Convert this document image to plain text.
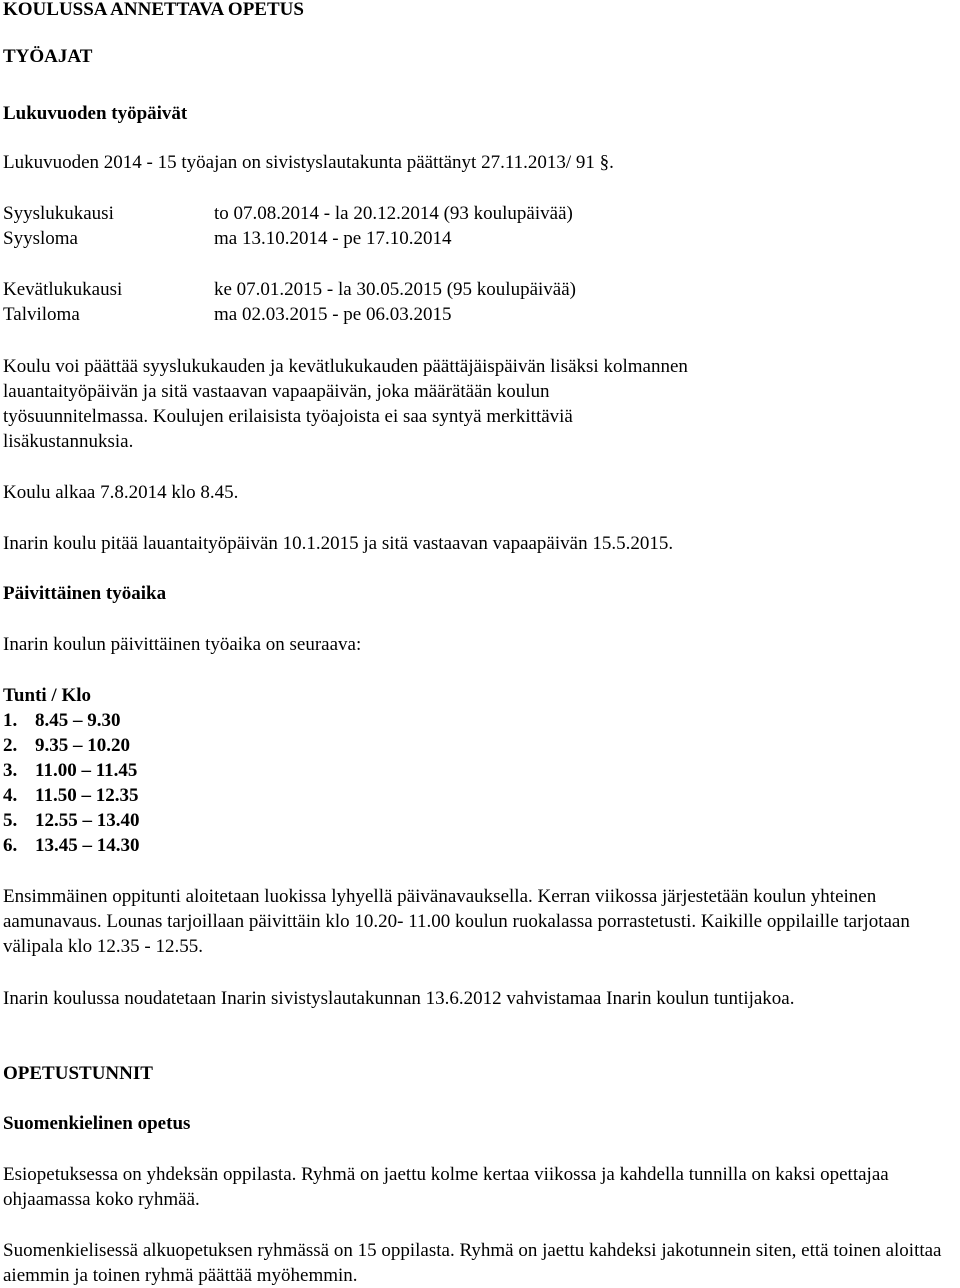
KOULUSSA ANNETTAVA OPETUS
TYÖAJAT
Lukuvuoden työpäivät
Lukuvuoden 2014 - 15 työajan on sivistyslautakunta päättänyt 27.11.2013/ 91 §.
Syyslukukausi	to 07.08.2014 - la 20.12.2014 (93 koulupäivää)
Syysloma	ma 13.10.2014 - pe 17.10.2014
Kevätlukukausi	ke 07.01.2015 - la 30.05.2015 (95 koulupäivää)
Talviloma	ma 02.03.2015 - pe 06.03.2015
Koulu voi päättää syyslukukauden ja kevätlukukauden päättäjäispäivän lisäksi kolmannen lauantaityöpäivän ja sitä vastaavan vapaapäivän, joka määrätään koulun työsuunnitelmassa. Koulujen erilaisista työajoista ei saa syntyä merkittäviä lisäkustannuksia.
Koulu alkaa 7.8.2014 klo 8.45.
Inarin koulu pitää lauantaityöpäivän 10.1.2015 ja sitä vastaavan vapaapäivän 15.5.2015.
Päivittäinen työaika
Inarin koulun päivittäinen työaika on seuraava:
Tunti / Klo
1. 8.45 – 9.30
2. 9.35 – 10.20
3. 11.00 – 11.45
4. 11.50 – 12.35
5. 12.55 – 13.40
6. 13.45 – 14.30
Ensimmäinen oppitunti aloitetaan luokissa lyhyellä päivänavauksella. Kerran viikossa järjestetään koulun yhteinen aamunavaus. Lounas tarjoillaan päivittäin klo 10.20- 11.00 koulun ruokalassa porrastetusti. Kaikille oppilaille tarjotaan välipala klo 12.35 - 12.55.
Inarin koulussa noudatetaan Inarin sivistyslautakunnan 13.6.2012 vahvistamaa Inarin koulun tuntijakoa.
OPETUSTUNNIT
Suomenkielinen opetus
Esiopetuksessa on yhdeksän oppilasta. Ryhmä on jaettu kolme kertaa viikossa ja kahdella tunnilla on kaksi opettajaa ohjaamassa koko ryhmää.
Suomenkielisessä alkuopetuksen ryhmässä on 15 oppilasta. Ryhmä on jaettu kahdeksi jakotunnein siten, että toinen aloittaa aiemmin ja toinen ryhmä päättää myöhemmin.
